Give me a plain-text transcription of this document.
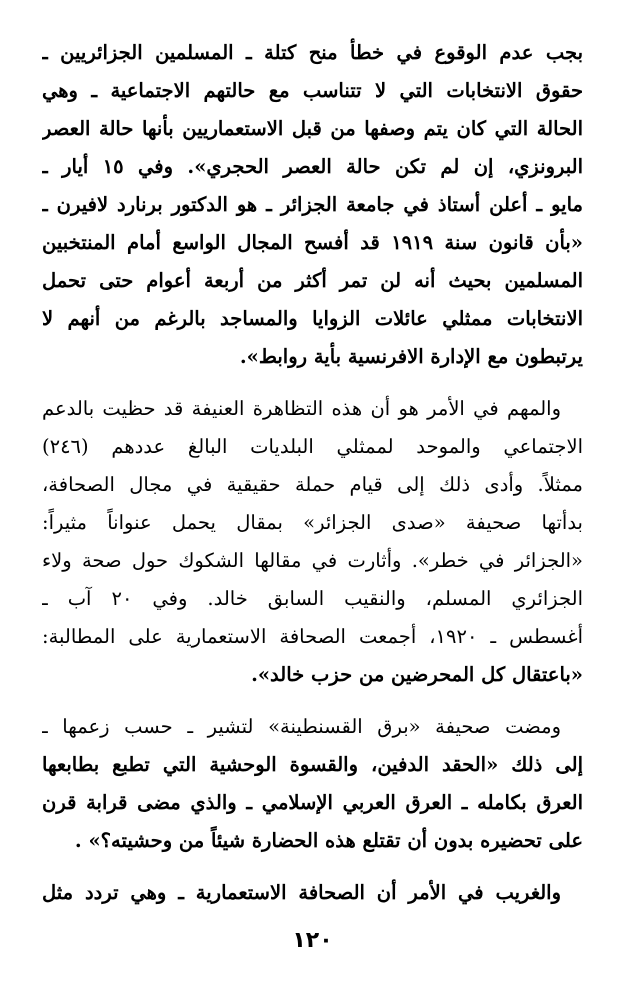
بجب عدم الوقوع في خطأ منح كتلة ـ المسلمين الجزائريين ـ
حقوق الانتخابات التي لا تتناسب مع حالتهم الاجتماعية ـ وهي
الحالة التي كان يتم وصفها من قبل الاستعماريين بأنها حالة العصر
البرونزي، إن لم تكن حالة العصر الحجري». وفي ١٥ أيار ـ
مايو ـ أعلن أستاذ في جامعة الجزائر ـ هو الدكتور برنارد لافيرن ـ
«بأن قانون سنة ١٩١٩ قد أفسح المجال الواسع أمام المنتخبين
المسلمين بحيث أنه لن تمر أكثر من أربعة أعوام حتى تحمل
الانتخابات ممثلي عائلات الزوايا والمساجد بالرغم من أنهم لا
يرتبطون مع الإدارة الافرنسية بأية روابط».

والمهم في الأمر هو أن هذه التظاهرة العنيفة قد حظيت بالدعم
الاجتماعي والموحد لممثلي البلديات البالغ عددهم (٢٤٦)
ممثلاً. وأدى ذلك إلى قيام حملة حقيقية في مجال الصحافة،
بدأتها صحيفة «صدى الجزائر» بمقال يحمل عنواناً مثيراً:
«الجزائر في خطر». وأثارت في مقالها الشكوك حول صحة ولاء
الجزائري المسلم، والنقيب السابق خالد. وفي ٢٠ آب ـ
أغسطس ـ ١٩٢٠، أجمعت الصحافة الاستعمارية على المطالبة:
«باعتقال كل المحرضين من حزب خالد».

ومضت صحيفة «برق القسنطينة» لتشير ـ حسب زعمها ـ
إلى ذلك «الحقد الدفين، والقسوة الوحشية التي تطبع بطابعها
العرق بكامله ـ العرق العربي الإسلامي ـ والذي مضى قرابة قرن
على تحضيره بدون أن تقتلع هذه الحضارة شيئاً من وحشيته؟» .

والغريب في الأمر أن الصحافة الاستعمارية ـ وهي تردد مثل

١٢٠
